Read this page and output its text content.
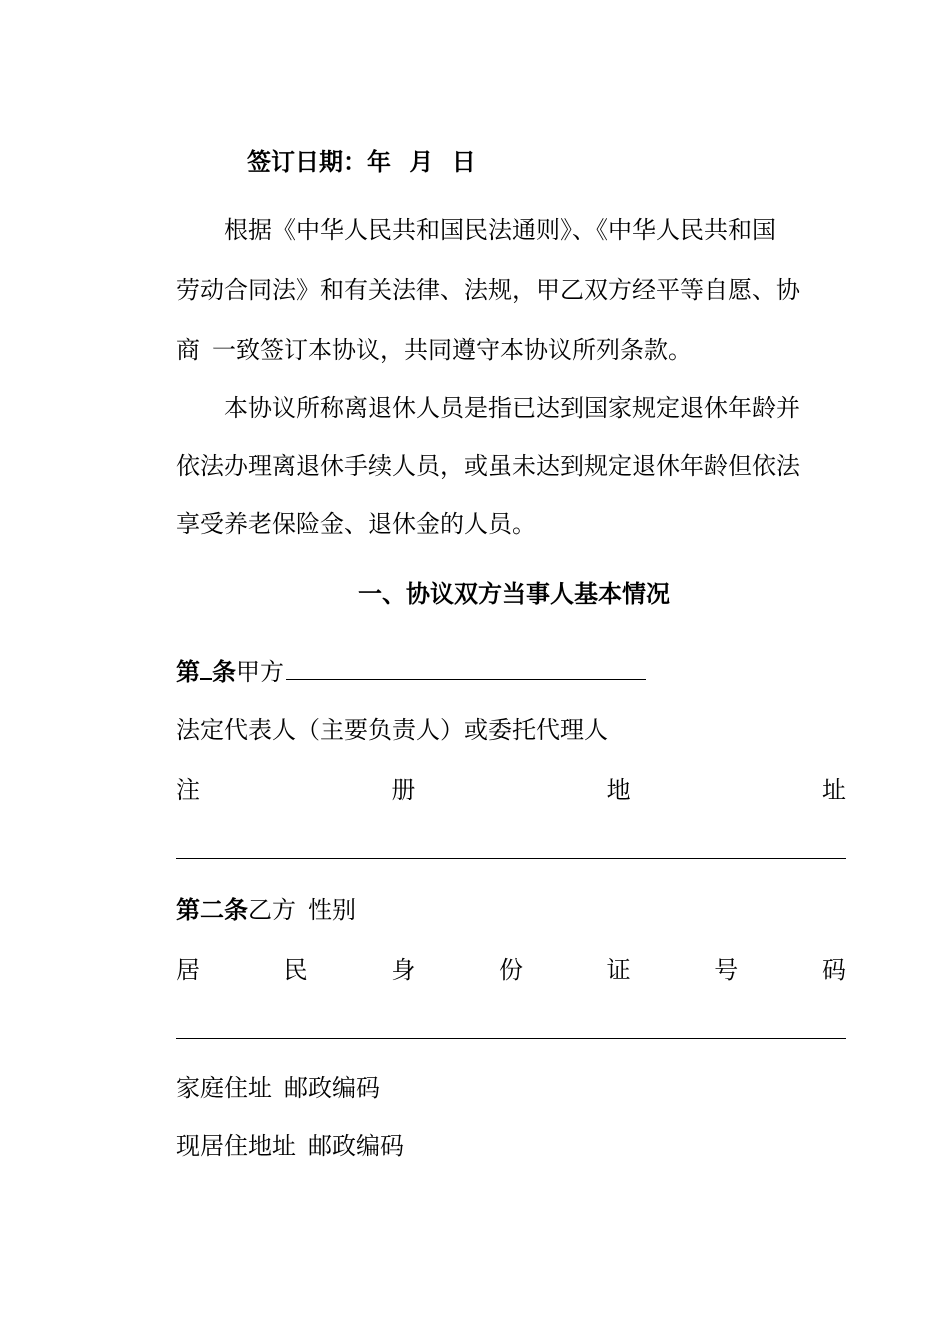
签订日期：年 月 日
根据《中华人民共和国民法通则》、《中华人民共和国
劳动合同法》和有关法律、法规，甲乙双方经平等自愿、协
商 一致签订本协议，共同遵守本协议所列条款。
本协议所称离退休人员是指已达到国家规定退休年龄并
依法办理离退休手续人员，或虽未达到规定退休年龄但依法
享受养老保险金、退休金的人员。
一、协议双方当事人基本情况
第 条甲方
法定代表人（主要负责人）或委托代理人
注	册	地	址
第二条乙方 性别
居	民	身	份	证	号	码
家庭住址 邮政编码
现居住地址 邮政编码
